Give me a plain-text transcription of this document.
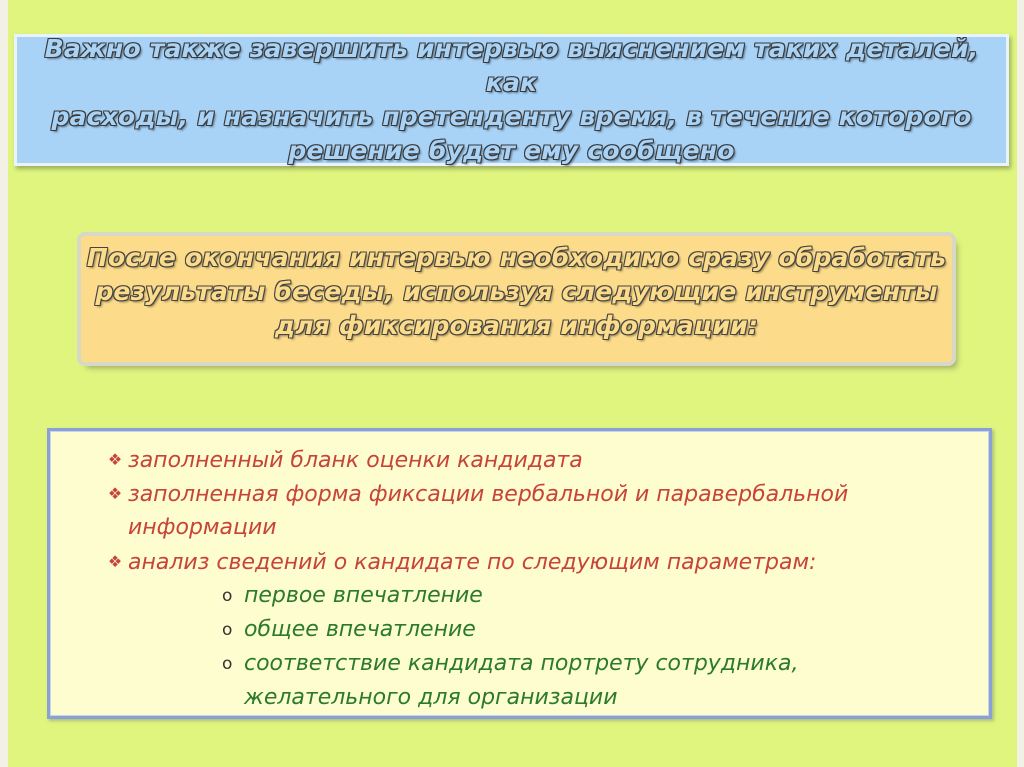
Важно также завершить интервью выяснением таких деталей, как
расходы, и назначить претенденту время, в течение которого
решение будет ему сообщено

После окончания интервью необходимо сразу обработать
результаты беседы, используя следующие инструменты
для фиксирования информации:

❖ заполненный бланк оценки кандидата
❖ заполненная форма фиксации вербальной и паравербальной
информации
❖ анализ сведений о кандидате по следующим параметрам:
o первое впечатление
o общее впечатление
o соответствие кандидата портрету сотрудника,
желательного для организации
